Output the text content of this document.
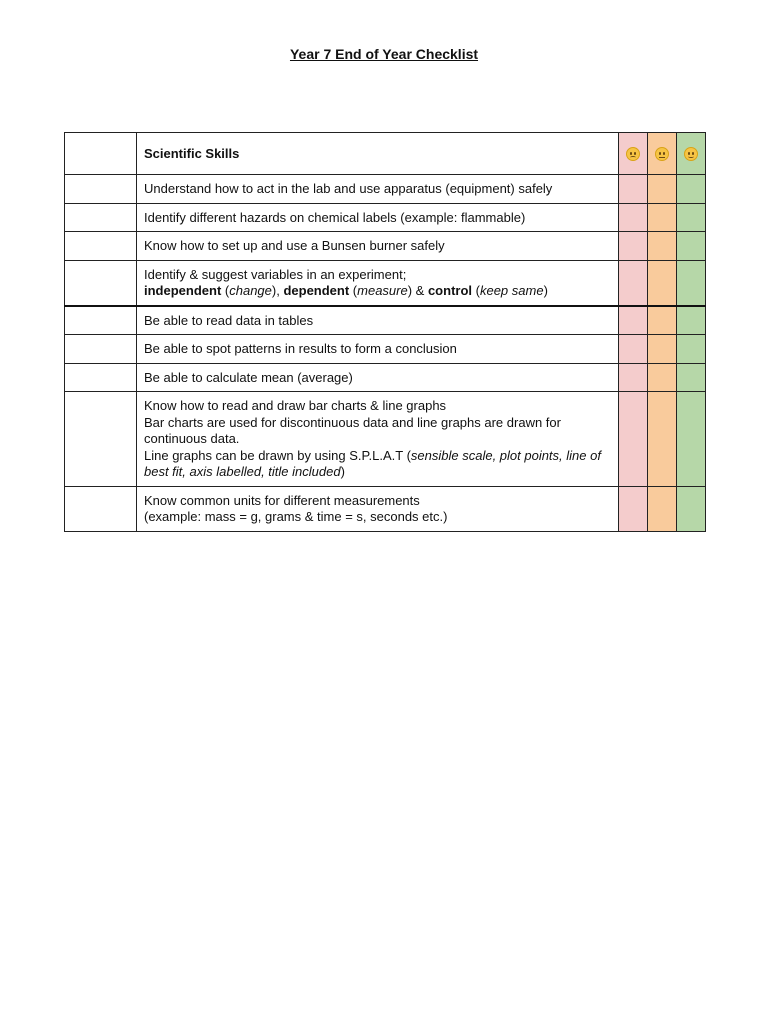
Year 7 End of Year Checklist
	Scientific Skills	

	Understand how to act in the lab and use apparatus (equipment) safely			
	Identify different hazards on chemical labels (example: flammable)			
	Know how to set up and use a Bunsen burner safely			

	Identify & suggest variables in an experiment;
independent (change), dependent (measure) & control (keep same)			

	Be able to read data in tables			
	Be able to spot patterns in results to form a conclusion			
	Be able to calculate mean (average)			

	Know how to read and draw bar charts & line graphs
Bar charts are used for discontinuous data and line graphs are drawn for continuous data.
Line graphs can be drawn by using S.P.L.A.T (sensible scale, plot points, line of best fit, axis labelled, title included)			

	Know common units for different measurements
(example: mass = g, grams & time = s, seconds etc.)			
